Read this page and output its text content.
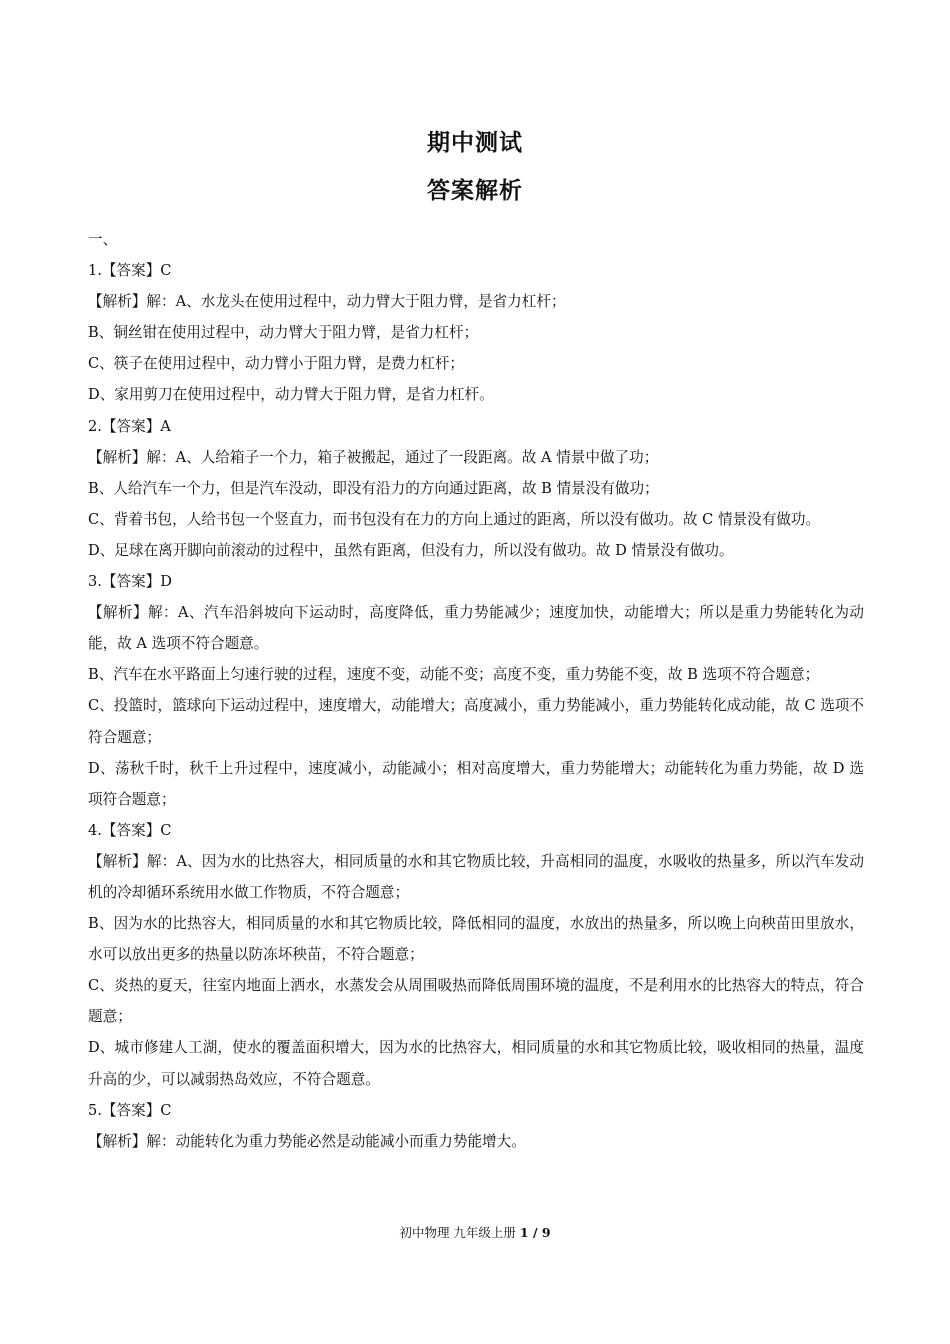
期中测试
答案解析

一、

1.【答案】C

【解析】解：A、水龙头在使用过程中，动力臂大于阻力臂，是省力杠杆；

B、铜丝钳在使用过程中，动力臂大于阻力臂，是省力杠杆；

C、筷子在使用过程中，动力臂小于阻力臂，是费力杠杆；

D、家用剪刀在使用过程中，动力臂大于阻力臂，是省力杠杆。

2.【答案】A

【解析】解：A、人给箱子一个力，箱子被搬起，通过了一段距离。故 A 情景中做了功；

B、人给汽车一个力，但是汽车没动，即没有沿力的方向通过距离，故 B 情景没有做功；

C、背着书包，人给书包一个竖直力，而书包没有在力的方向上通过的距离，所以没有做功。故 C 情景没有做功。

D、足球在离开脚向前滚动的过程中，虽然有距离，但没有力，所以没有做功。故 D 情景没有做功。

3.【答案】D

【解析】解：A、汽车沿斜坡向下运动时，高度降低，重力势能减少；速度加快，动能增大；所以是重力势能转化为动能，故 A 选项不符合题意。

B、汽车在水平路面上匀速行驶的过程，速度不变，动能不变；高度不变，重力势能不变，故 B 选项不符合题意；

C、投篮时，篮球向下运动过程中，速度增大，动能增大；高度减小，重力势能减小，重力势能转化成动能，故 C 选项不符合题意；

D、荡秋千时，秋千上升过程中，速度减小，动能减小；相对高度增大，重力势能增大；动能转化为重力势能，故 D 选项符合题意；

4.【答案】C

【解析】解：A、因为水的比热容大，相同质量的水和其它物质比较，升高相同的温度，水吸收的热量多，所以汽车发动机的冷却循环系统用水做工作物质，不符合题意；

B、因为水的比热容大，相同质量的水和其它物质比较，降低相同的温度，水放出的热量多，所以晚上向秧苗田里放水，水可以放出更多的热量以防冻坏秧苗，不符合题意；

C、炎热的夏天，往室内地面上洒水，水蒸发会从周围吸热而降低周围环境的温度，不是利用水的比热容大的特点，符合题意；

D、城市修建人工湖，使水的覆盖面积增大，因为水的比热容大，相同质量的水和其它物质比较，吸收相同的热量，温度升高的少，可以减弱热岛效应，不符合题意。

5.【答案】C

【解析】解：动能转化为重力势能必然是动能减小而重力势能增大。

初中物理 九年级上册 1 / 9
